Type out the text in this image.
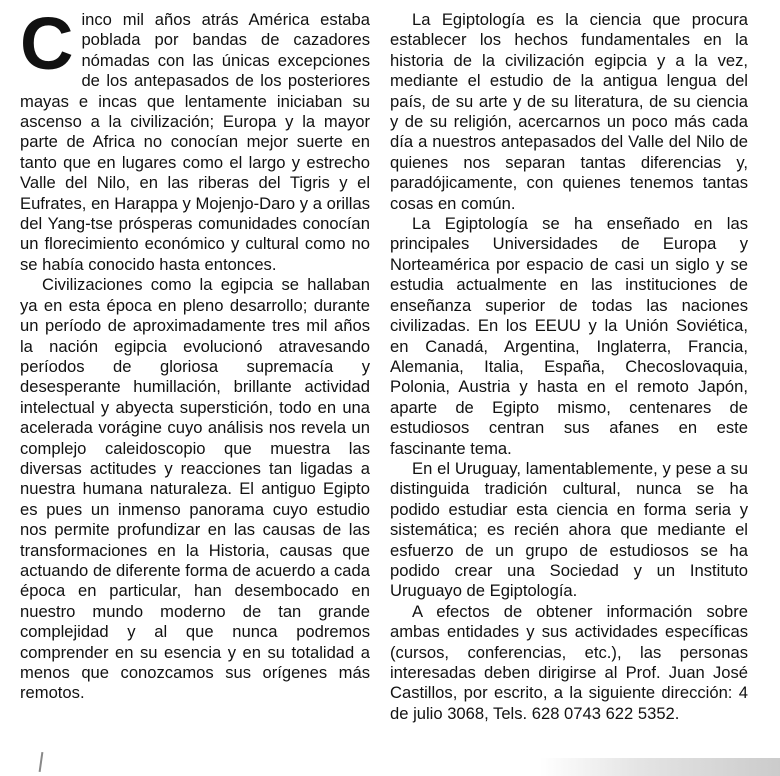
Cinco mil años atrás América estaba poblada por bandas de cazadores nómadas con las únicas excepciones de los antepasados de los posteriores mayas e incas que lentamente iniciaban su ascenso a la civilización; Europa y la mayor parte de Africa no conocían mejor suerte en tanto que en lugares como el largo y estrecho Valle del Nilo, en las riberas del Tigris y el Eufrates, en Harappa y Mojenjo-Daro y a orillas del Yang-tse prósperas comunidades conocían un florecimiento económico y cultural como no se había conocido hasta entonces.

Civilizaciones como la egipcia se hallaban ya en esta época en pleno desarrollo; durante un período de aproximadamente tres mil años la nación egipcia evolucionó atravesando períodos de gloriosa supremacía y desesperante humillación, brillante actividad intelectual y abyecta superstición, todo en una acelerada vorágine cuyo análisis nos revela un complejo caleidoscopio que muestra las diversas actitudes y reacciones tan ligadas a nuestra humana naturaleza. El antiguo Egipto es pues un inmenso panorama cuyo estudio nos permite profundizar en las causas de las transformaciones en la Historia, causas que actuando de diferente forma de acuerdo a cada época en particular, han desembocado en nuestro mundo moderno de tan grande complejidad y al que nunca podremos comprender en su esencia y en su totalidad a menos que conozcamos sus orígenes más remotos.

La Egiptología es la ciencia que procura establecer los hechos fundamentales en la historia de la civilización egipcia y a la vez, mediante el estudio de la antigua lengua del país, de su arte y de su literatura, de su ciencia y de su religión, acercarnos un poco más cada día a nuestros antepasados del Valle del Nilo de quienes nos separan tantas diferencias y, paradójicamente, con quienes tenemos tantas cosas en común.

La Egiptología se ha enseñado en las principales Universidades de Europa y Norteamérica por espacio de casi un siglo y se estudia actualmente en las instituciones de enseñanza superior de todas las naciones civilizadas. En los EEUU y la Unión Soviética, en Canadá, Argentina, Inglaterra, Francia, Alemania, Italia, España, Checoslovaquia, Polonia, Austria y hasta en el remoto Japón, aparte de Egipto mismo, centenares de estudiosos centran sus afanes en este fascinante tema.

En el Uruguay, lamentablemente, y pese a su distinguida tradición cultural, nunca se ha podido estudiar esta ciencia en forma seria y sistemática; es recién ahora que mediante el esfuerzo de un grupo de estudiosos se ha podido crear una Sociedad y un Instituto Uruguayo de Egiptología.

A efectos de obtener información sobre ambas entidades y sus actividades específicas (cursos, conferencias, etc.), las personas interesadas deben dirigirse al Prof. Juan José Castillos, por escrito, a la siguiente dirección: 4 de julio 3068, Tels. 628 0743 622 5352.
